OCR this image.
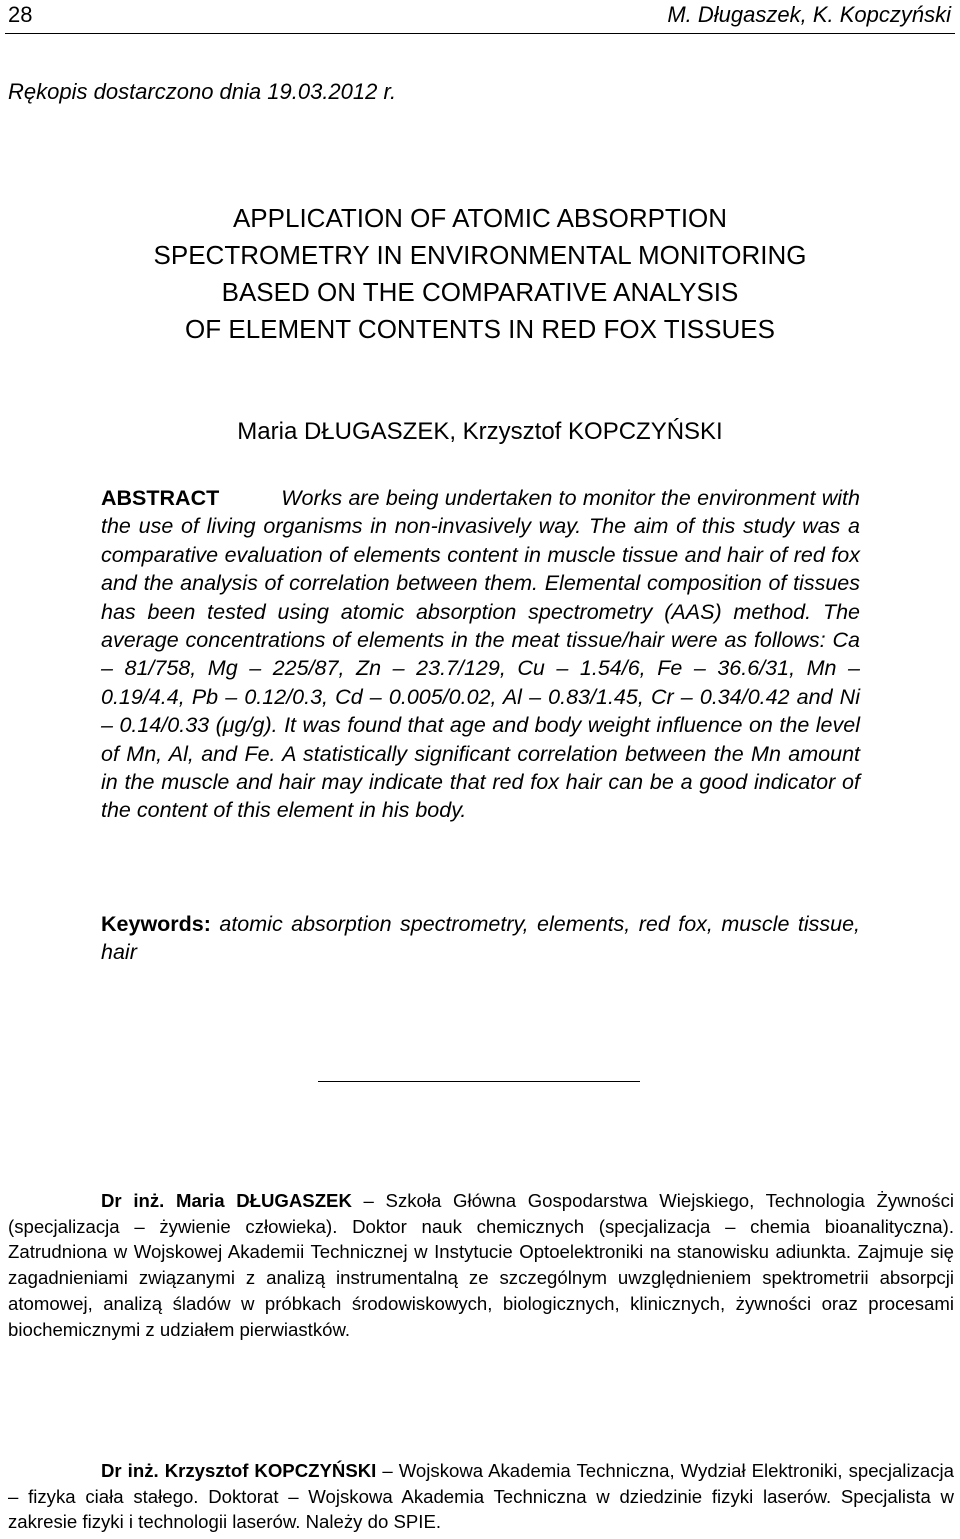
28	M. Długaszek, K. Kopczyński
Rękopis dostarczono dnia 19.03.2012 r.
APPLICATION OF ATOMIC ABSORPTION
SPECTROMETRY IN ENVIRONMENTAL MONITORING
BASED ON THE COMPARATIVE ANALYSIS
OF ELEMENT CONTENTS IN RED FOX TISSUES
Maria DŁUGASZEK, Krzysztof KOPCZYŃSKI
ABSTRACT	Works are being undertaken to monitor the environment with the use of living organisms in non-invasively way. The aim of this study was a comparative evaluation of elements content in muscle tissue and hair of red fox and the analysis of correlation between them. Elemental composition of tissues has been tested using atomic absorption spectrometry (AAS) method. The average concentrations of elements in the meat tissue/hair were as follows: Ca – 81/758, Mg – 225/87, Zn – 23.7/129, Cu – 1.54/6, Fe – 36.6/31, Mn – 0.19/4.4, Pb – 0.12/0.3, Cd – 0.005/0.02, Al – 0.83/1.45, Cr – 0.34/0.42 and Ni – 0.14/0.33 (μg/g). It was found that age and body weight influence on the level of Mn, Al, and Fe. A statistically significant correlation between the Mn amount in the muscle and hair may indicate that red fox hair can be a good indicator of the content of this element in his body.
Keywords: atomic absorption spectrometry, elements, red fox, muscle tissue, hair
Dr inż. Maria DŁUGASZEK – Szkoła Główna Gospodarstwa Wiejskiego, Technologia Żywności (specjalizacja – żywienie człowieka). Doktor nauk chemicznych (specjalizacja – chemia bioanalityczna). Zatrudniona w Wojskowej Akademii Technicznej w Instytucie Optoelektroniki na stanowisku adiunkta. Zajmuje się zagadnieniami związanymi z analizą instrumentalną ze szczególnym uwzględnieniem spektrometrii absorpcji atomowej, analizą śladów w próbkach środowiskowych, biologicznych, klinicznych, żywności oraz procesami biochemicznymi z udziałem pierwiastków.
Dr inż. Krzysztof KOPCZYŃSKI – Wojskowa Akademia Techniczna, Wydział Elektroniki, specjalizacja – fizyka ciała stałego. Doktorat – Wojskowa Akademia Techniczna w dziedzinie fizyki laserów. Specjalista w zakresie fizyki i technologii laserów. Należy do SPIE.
